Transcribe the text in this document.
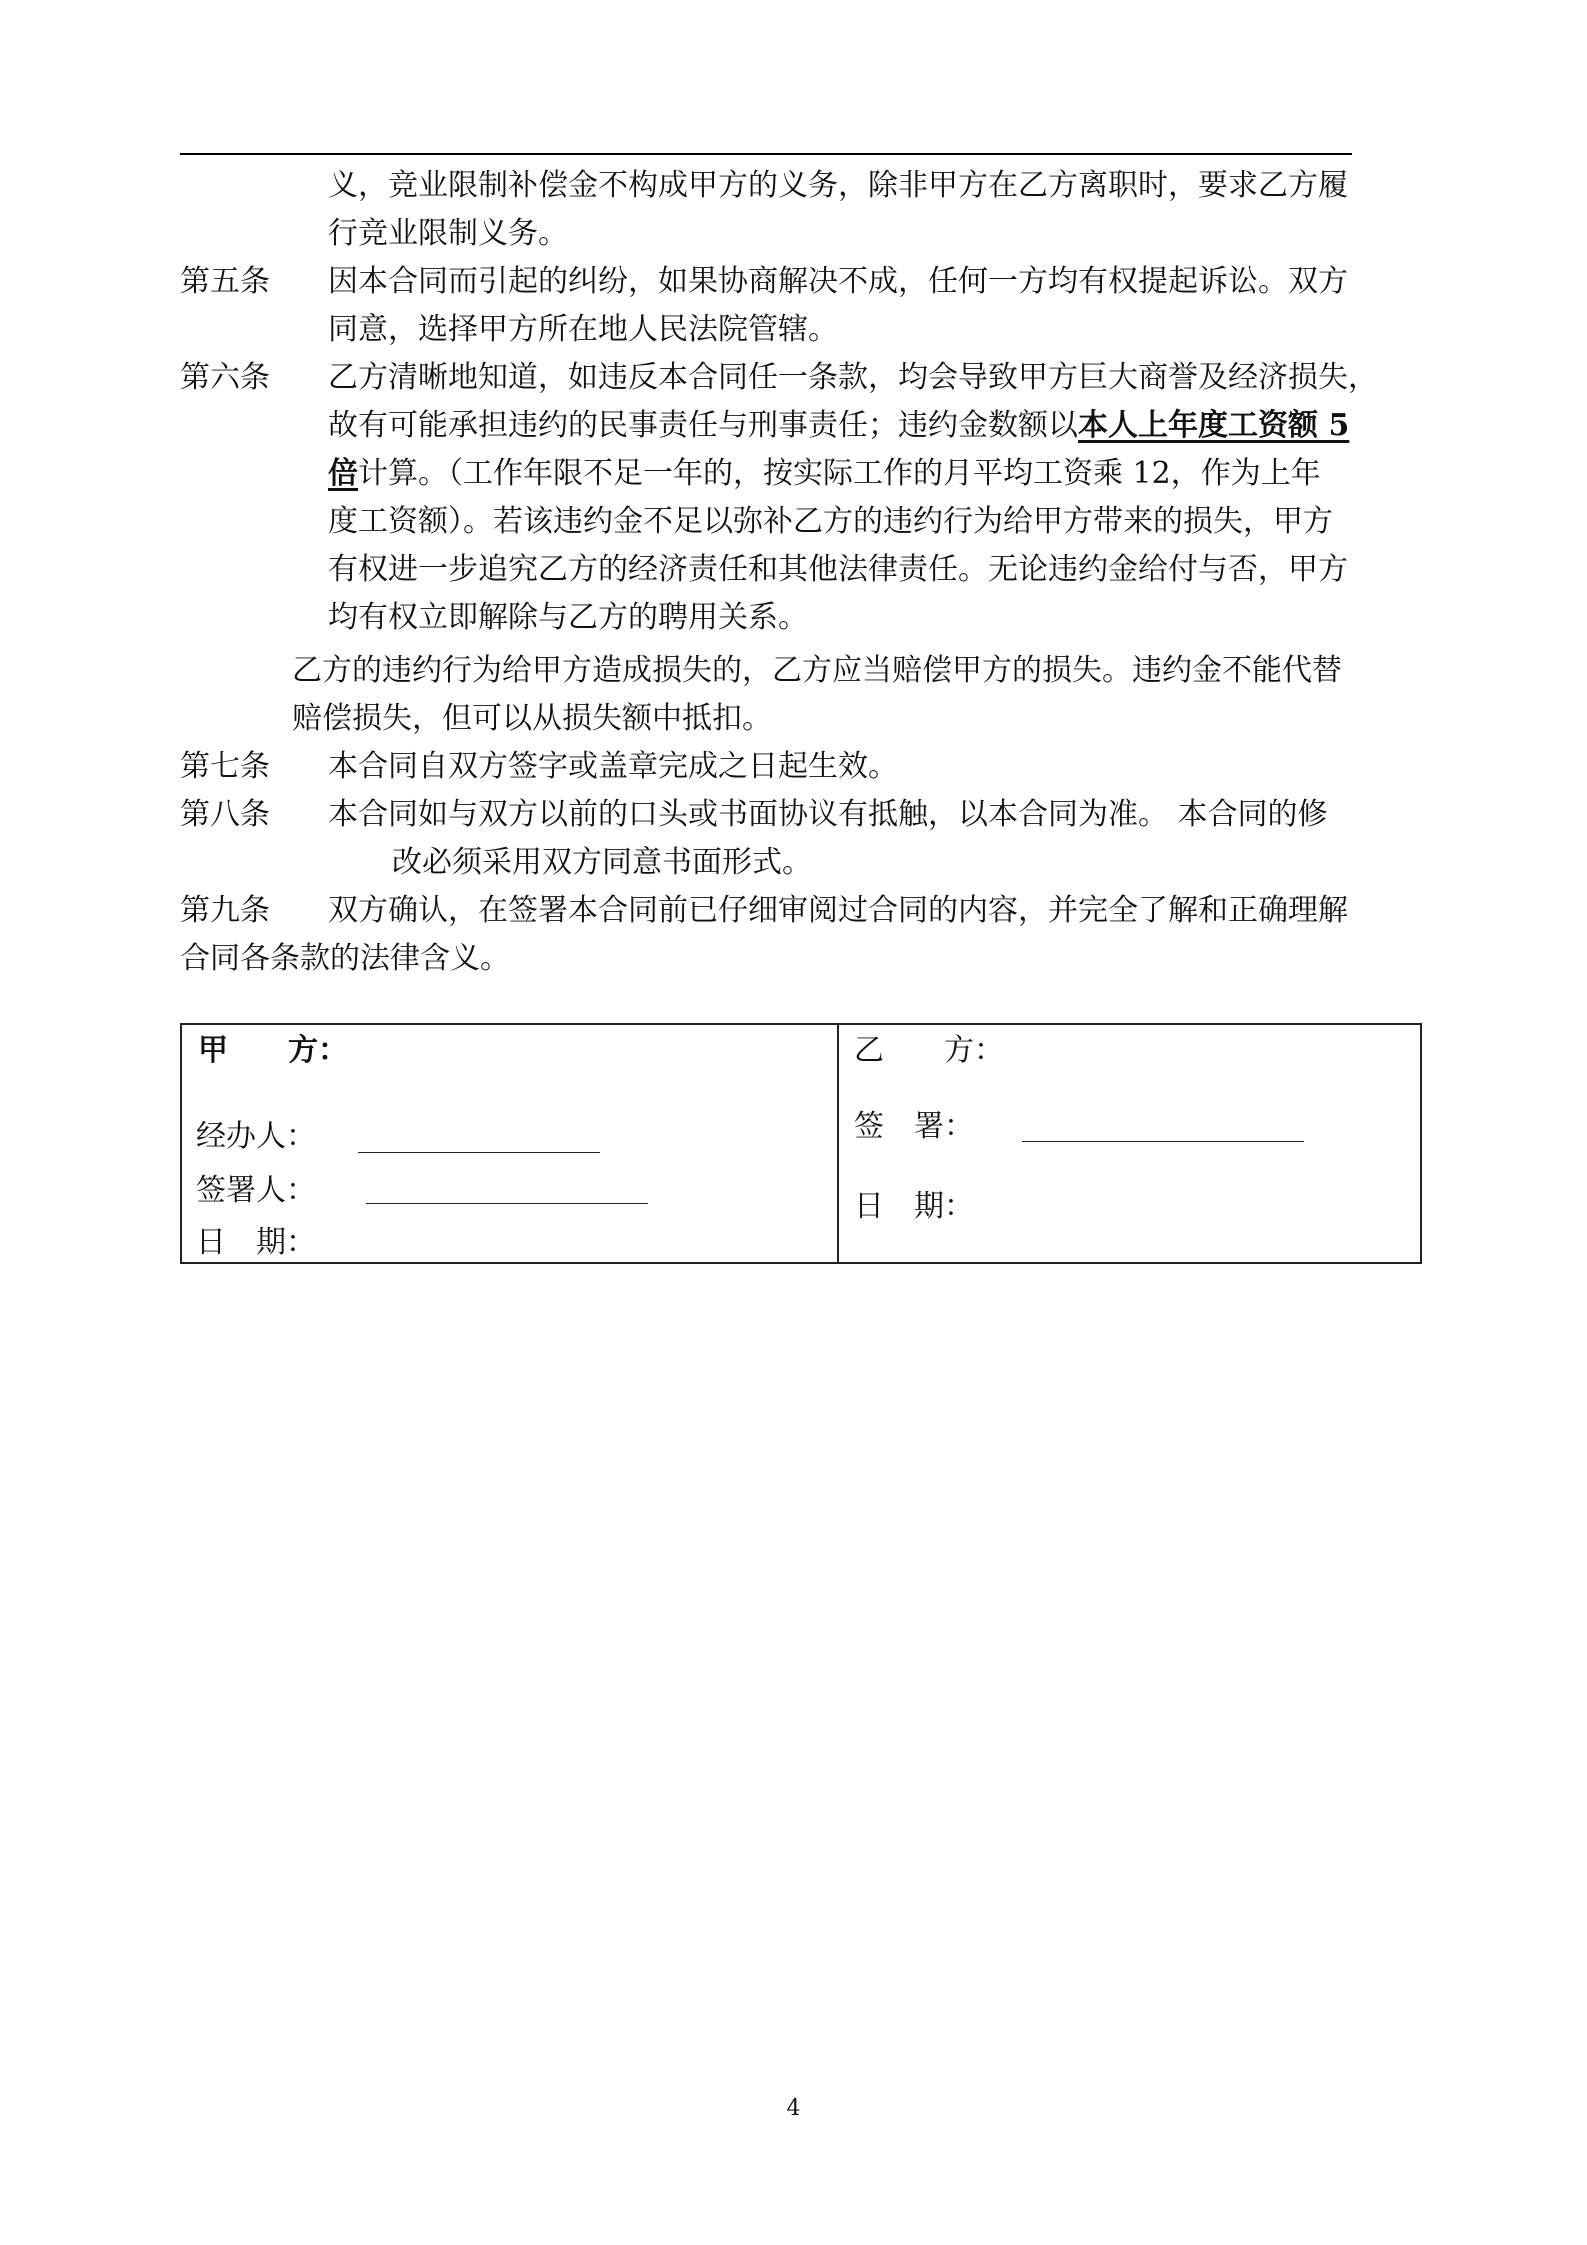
义，竞业限制补偿金不构成甲方的义务，除非甲方在乙方离职时，要求乙方履
行竞业限制义务。
第五条 因本合同而引起的纠纷，如果协商解决不成，任何一方均有权提起诉讼。双方
同意，选择甲方所在地人民法院管辖。
第六条 乙方清晰地知道，如违反本合同任一条款，均会导致甲方巨大商誉及经济损失，
故有可能承担违约的民事责任与刑事责任；违约金数额以本人上年度工资额 5
倍计算。（工作年限不足一年的，按实际工作的月平均工资乘 12，作为上年
度工资额）。若该违约金不足以弥补乙方的违约行为给甲方带来的损失，甲方
有权进一步追究乙方的经济责任和其他法律责任。无论违约金给付与否，甲方
均有权立即解除与乙方的聘用关系。
乙方的违约行为给甲方造成损失的，乙方应当赔偿甲方的损失。违约金不能代替
赔偿损失，但可以从损失额中抵扣。
第七条 本合同自双方签字或盖章完成之日起生效。
第八条 本合同如与双方以前的口头或书面协议有抵触，以本合同为准。 本合同的修
改必须采用双方同意书面形式。
第九条 双方确认，在签署本合同前已仔细审阅过合同的内容，并完全了解和正确理解
合同各条款的法律含义。
甲　　方：
经办人：
签署人：
日　期：
乙　　方：
签　署：
日　期：
4
